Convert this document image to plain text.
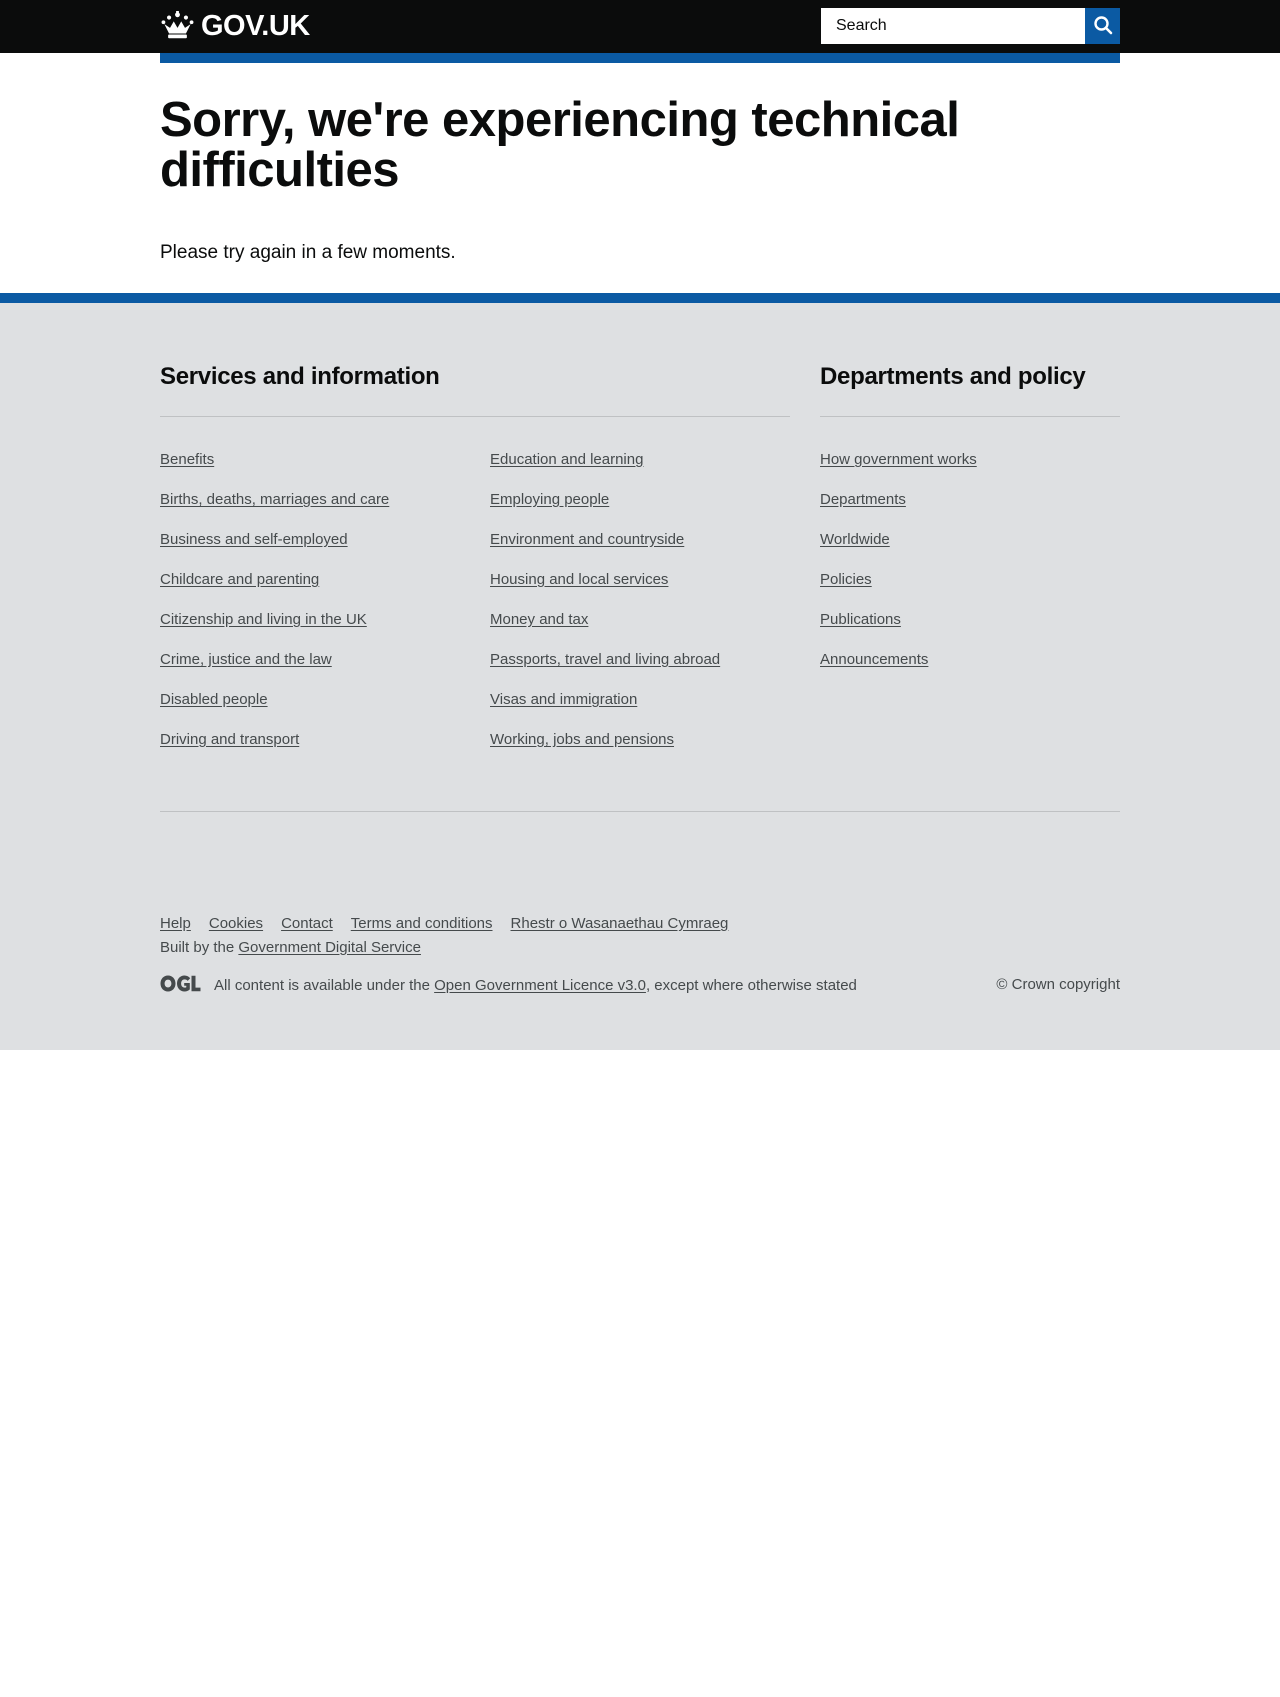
GOV.UK
Search
Sorry, we're experiencing technical difficulties

Please try again in a few moments.

Services and information	Departments and policy
Benefits
Births, deaths, marriages and care
Business and self-employed
Childcare and parenting
Citizenship and living in the UK
Crime, justice and the law
Disabled people
Driving and transport
Education and learning
Employing people
Environment and countryside
Housing and local services
Money and tax
Passports, travel and living abroad
Visas and immigration
Working, jobs and pensions
How government works
Departments
Worldwide
Policies
Publications
Announcements
Help Cookies Contact Terms and conditions Rhestr o Wasanaethau Cymraeg
Built by the Government Digital Service
All content is available under the Open Government Licence v3.0, except where otherwise stated	© Crown copyright
